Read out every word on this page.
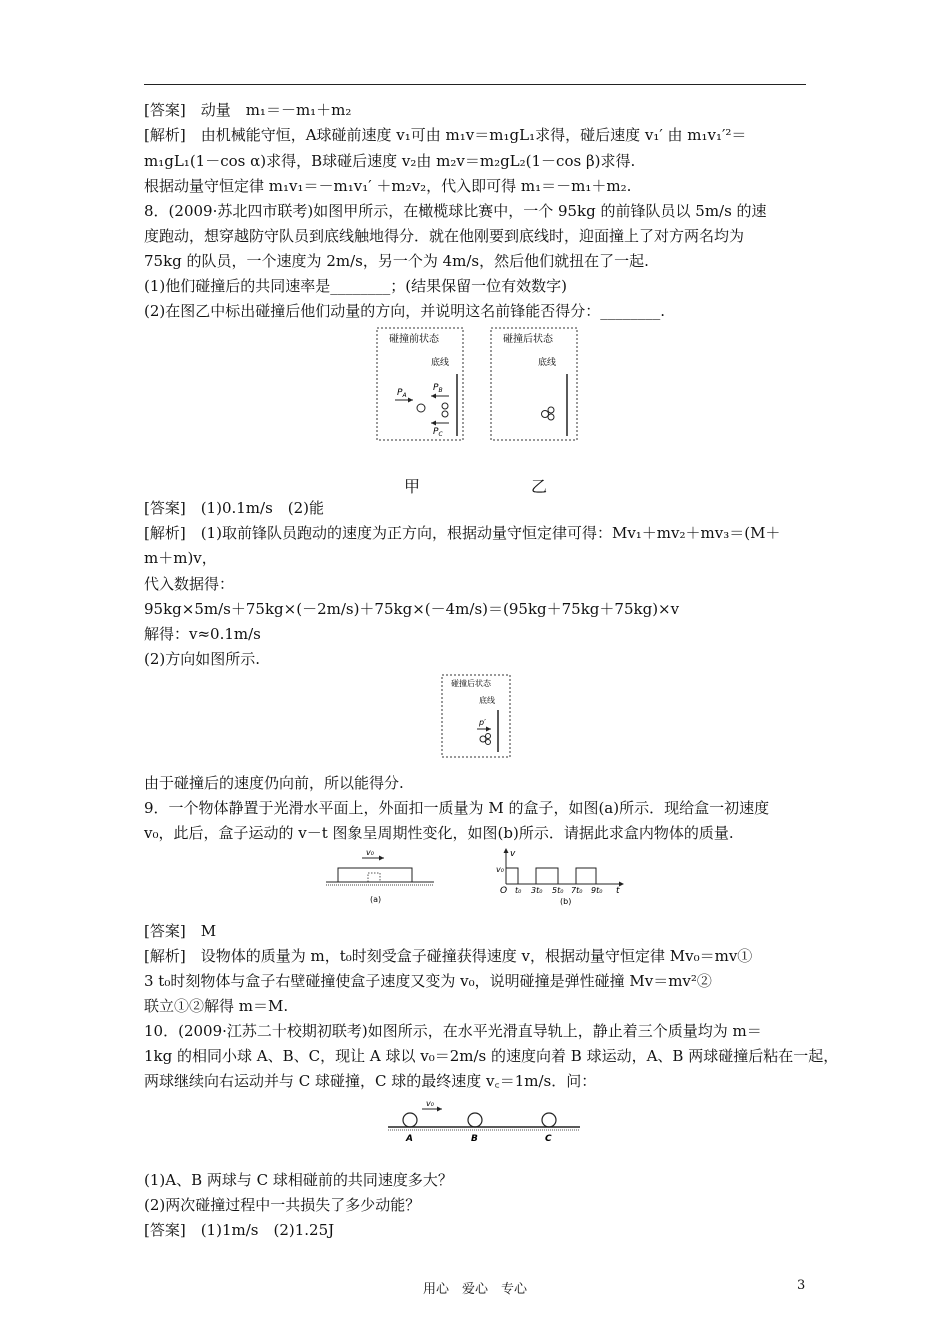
[答案]　动量　m₁＝－m₁＋m₂
[解析]　由机械能守恒，A球碰前速度 v₁可由 m₁v＝m₁gL₁求得，碰后速度 v₁′ 由 m₁v₁′²＝
m₁gL₁(1－cos α)求得，B球碰后速度 v₂由 m₂v＝m₂gL₂(1－cos β)求得.
根据动量守恒定律 m₁v₁＝－m₁v₁′ ＋m₂v₂，代入即可得 m₁＝－m₁＋m₂.
8．(2009·苏北四市联考)如图甲所示，在橄榄球比赛中，一个 95kg 的前锋队员以 5m/s 的速
度跑动，想穿越防守队员到底线触地得分．就在他刚要到底线时，迎面撞上了对方两名均为
75kg 的队员，一个速度为 2m/s，另一个为 4m/s，然后他们就扭在了一起.
(1)他们碰撞后的共同速率是________；(结果保留一位有效数字)
(2)在图乙中标出碰撞后他们动量的方向，并说明这名前锋能否得分：________.
碰撞前状态
底线
$P_A$
$P_B$
$P_C$
碰撞后状态
底线
甲	乙
[答案]　(1)0.1m/s　(2)能
[解析]　(1)取前锋队员跑动的速度为正方向，根据动量守恒定律可得：Mv₁＋mv₂＋mv₃＝(M＋
m＋m)v，
代入数据得：
95kg×5m/s＋75kg×(－2m/s)＋75kg×(－4m/s)＝(95kg＋75kg＋75kg)×v
解得：v≈0.1m/s
(2)方向如图所示.
碰撞后状态
底线
p′
由于碰撞后的速度仍向前，所以能得分.
9．一个物体静置于光滑水平面上，外面扣一质量为 M 的盒子，如图(a)所示．现给盒一初速度
v₀，此后，盒子运动的 v－t 图象呈周期性变化，如图(b)所示．请据此求盒内物体的质量.
v₀
(a)
v
v₀
O t₀ 3t₀ 5t₀ 7t₀ 9t₀ t
(b)
[答案]　M
[解析]　设物体的质量为 m，t₀时刻受盒子碰撞获得速度 v，根据动量守恒定律 Mv₀＝mv①
3 t₀时刻物体与盒子右壁碰撞使盒子速度又变为 v₀，说明碰撞是弹性碰撞 Mv＝mv²②
联立①②解得 m＝M.
10．(2009·江苏二十校期初联考)如图所示，在水平光滑直导轨上，静止着三个质量均为 m＝
1kg 的相同小球 A、B、C，现让 A 球以 v₀＝2m/s 的速度向着 B 球运动，A、B 两球碰撞后粘在一起，
两球继续向右运动并与 C 球碰撞，C 球的最终速度 v꜀＝1m/s．问：
v₀
A	B	C
(1)A、B 两球与 C 球相碰前的共同速度多大？
(2)两次碰撞过程中一共损失了多少动能？
[答案]　(1)1m/s　(2)1.25J
用心　爱心　专心	3
